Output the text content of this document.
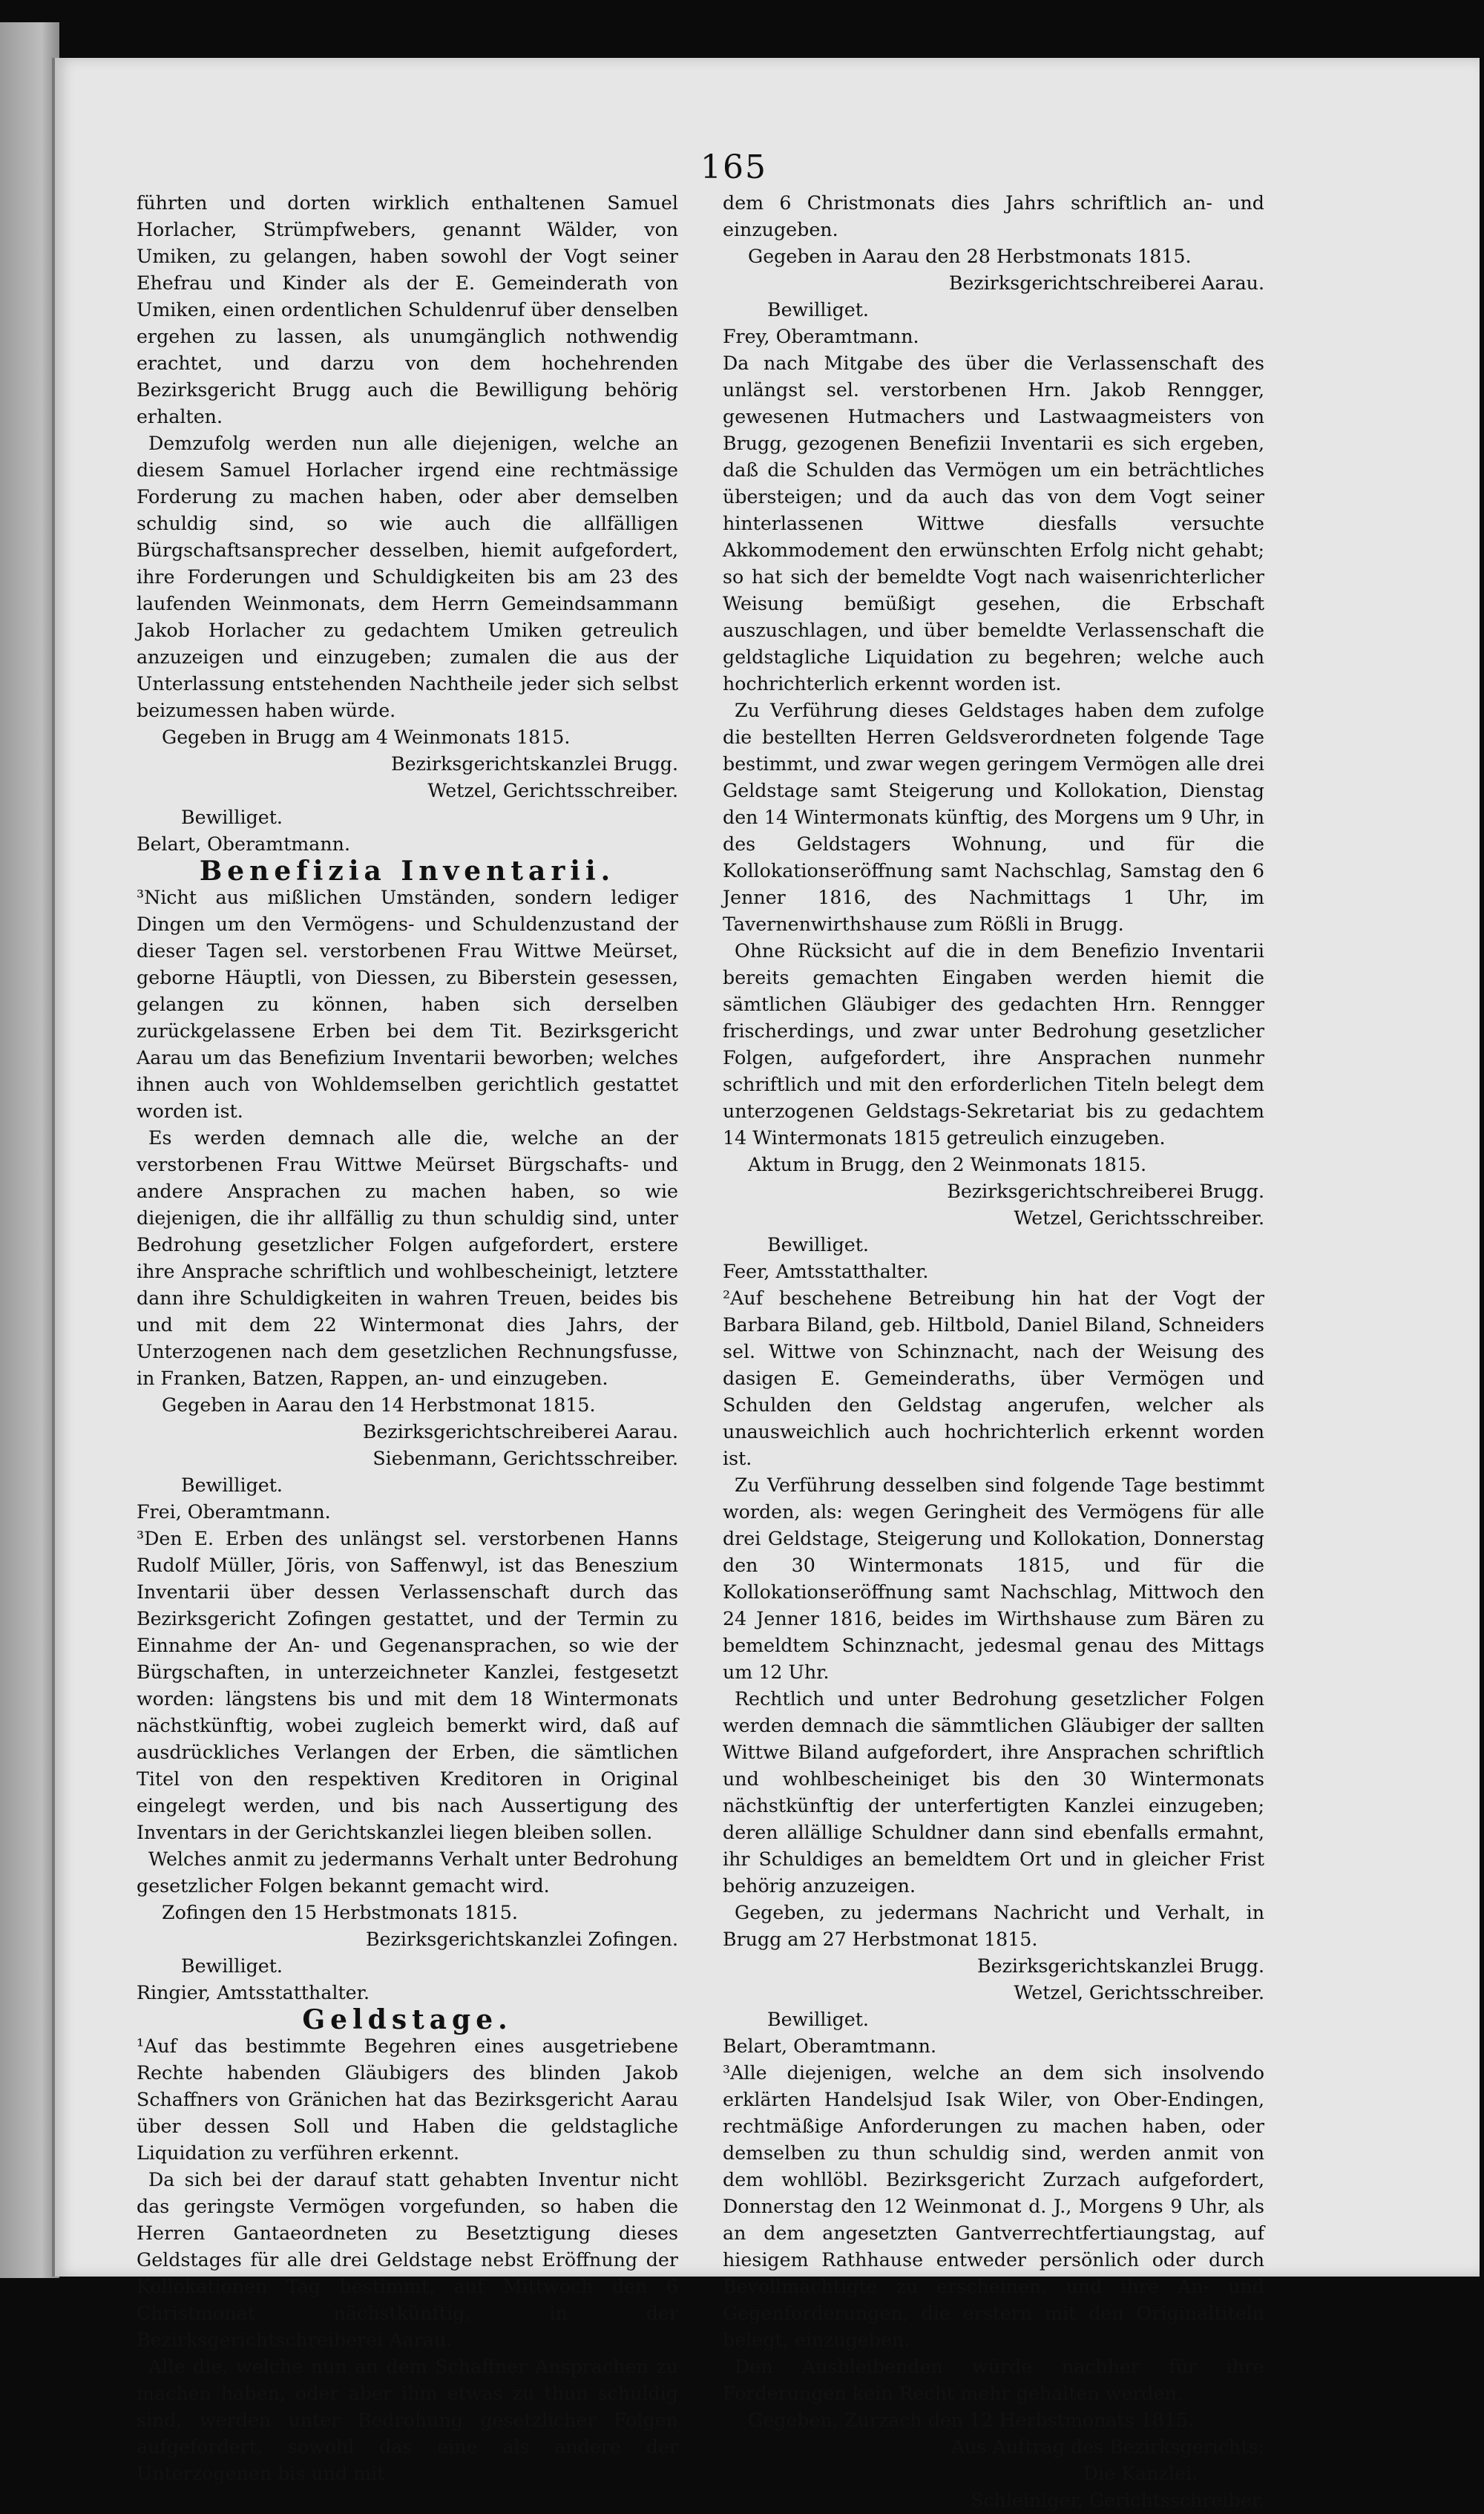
165

führten und dorten wirklich enthaltenen Samuel Horlacher, Strümpfwebers, genannt Wälder, von Umiken, zu gelangen, haben sowohl der Vogt seiner Ehefrau und Kinder als der E. Gemeinderath von Umiken, einen ordentlichen Schuldenruf über denselben ergehen zu lassen, als unumgänglich nothwendig erachtet, und darzu von dem hochehrenden Bezirksgericht Brugg auch die Bewilligung behörig erhalten.

Demzufolg werden nun alle diejenigen, welche an diesem Samuel Horlacher irgend eine rechtmässige Forderung zu machen haben, oder aber demselben schuldig sind, so wie auch die allfälligen Bürgschaftsansprecher desselben, hiemit aufgefordert, ihre Forderungen und Schuldigkeiten bis am 23 des laufenden Weinmonats, dem Herrn Gemeindsammann Jakob Horlacher zu gedachtem Umiken getreulich anzuzeigen und einzugeben; zumalen die aus der Unterlassung entstehenden Nachtheile jeder sich selbst beizumessen haben würde.

Gegeben in Brugg am 4 Weinmonats 1815.

Bezirksgerichtskanzlei Brugg.

Wetzel, Gerichtsschreiber.

Bewilliget.

Belart, Oberamtmann.

Benefizia Inventarii.

³Nicht aus mißlichen Umständen, sondern lediger Dingen um den Vermögens- und Schuldenzustand der dieser Tagen sel. verstorbenen Frau Wittwe Meürset, geborne Häuptli, von Diessen, zu Biberstein gesessen, gelangen zu können, haben sich derselben zurückgelassene Erben bei dem Tit. Bezirksgericht Aarau um das Benefizium Inventarii beworben; welches ihnen auch von Wohldemselben gerichtlich gestattet worden ist.

Es werden demnach alle die, welche an der verstorbenen Frau Wittwe Meürset Bürgschafts- und andere Ansprachen zu machen haben, so wie diejenigen, die ihr allfällig zu thun schuldig sind, unter Bedrohung gesetzlicher Folgen aufgefordert, erstere ihre Ansprache schriftlich und wohlbescheinigt, letztere dann ihre Schuldigkeiten in wahren Treuen, beides bis und mit dem 22 Wintermonat dies Jahrs, der Unterzogenen nach dem gesetzlichen Rechnungsfusse, in Franken, Batzen, Rappen, an- und einzugeben.

Gegeben in Aarau den 14 Herbstmonat 1815.

Bezirksgerichtschreiberei Aarau.

Siebenmann, Gerichtsschreiber.

Bewilliget.

Frei, Oberamtmann.

³Den E. Erben des unlängst sel. verstorbenen Hanns Rudolf Müller, Jöris, von Saffenwyl, ist das Beneszium Inventarii über dessen Verlassenschaft durch das Bezirksgericht Zofingen gestattet, und der Termin zu Einnahme der An- und Gegenansprachen, so wie der Bürgschaften, in unterzeichneter Kanzlei, festgesetzt worden: längstens bis und mit dem 18 Wintermonats nächstkünftig, wobei zugleich bemerkt wird, daß auf ausdrückliches Verlangen der Erben, die sämtlichen Titel von den respektiven Kreditoren in Original eingelegt werden, und bis nach Aussertigung des Inventars in der Gerichtskanzlei liegen bleiben sollen.

Welches anmit zu jedermanns Verhalt unter Bedrohung gesetzlicher Folgen bekannt gemacht wird.

Zofingen den 15 Herbstmonats 1815.

Bezirksgerichtskanzlei Zofingen.

Bewilliget.

Ringier, Amtsstatthalter.

Geldstage.

¹Auf das bestimmte Begehren eines ausgetriebene Rechte habenden Gläubigers des blinden Jakob Schaffners von Gränichen hat das Bezirksgericht Aarau über dessen Soll und Haben die geldstagliche Liquidation zu verführen erkennt.

Da sich bei der darauf statt gehabten Inventur nicht das geringste Vermögen vorgefunden, so haben die Herren Gantaeordneten zu Besetztigung dieses Geldstages für alle drei Geldstage nebst Eröffnung der Kollokationen Tag bestimmt, auf Mittwoch den 6 Christmonat nächstkünftig, in der Bezirksgerichtschreiberei Aarau.

Alle die, welche nun an dem Schaffner Ansprachen zu machen haben, oder aber ihm etwas zu thun schuldig sind, werden unter Bedrohung gesetzlicher Folgen aufgefordert, sowohl das eine als andere der Unterzogenen bis und mit

dem 6 Christmonats dies Jahrs schriftlich an- und einzugeben.

Gegeben in Aarau den 28 Herbstmonats 1815.

Bezirksgerichtschreiberei Aarau.

Bewilliget.

Frey, Oberamtmann.

Da nach Mitgabe des über die Verlassenschaft des unlängst sel. verstorbenen Hrn. Jakob Renngger, gewesenen Hutmachers und Lastwaagmeisters von Brugg, gezogenen Benefizii Inventarii es sich ergeben, daß die Schulden das Vermögen um ein beträchtliches übersteigen; und da auch das von dem Vogt seiner hinterlassenen Wittwe diesfalls versuchte Akkommodement den erwünschten Erfolg nicht gehabt; so hat sich der bemeldte Vogt nach waisenrichterlicher Weisung bemüßigt gesehen, die Erbschaft auszuschlagen, und über bemeldte Verlassenschaft die geldstagliche Liquidation zu begehren; welche auch hochrichterlich erkennt worden ist.

Zu Verführung dieses Geldstages haben dem zufolge die bestellten Herren Geldsverordneten folgende Tage bestimmt, und zwar wegen geringem Vermögen alle drei Geldstage samt Steigerung und Kollokation, Dienstag den 14 Wintermonats künftig, des Morgens um 9 Uhr, in des Geldstagers Wohnung, und für die Kollokationseröffnung samt Nachschlag, Samstag den 6 Jenner 1816, des Nachmittags 1 Uhr, im Tavernenwirthshause zum Rößli in Brugg.

Ohne Rücksicht auf die in dem Benefizio Inventarii bereits gemachten Eingaben werden hiemit die sämtlichen Gläubiger des gedachten Hrn. Renngger frischerdings, und zwar unter Bedrohung gesetzlicher Folgen, aufgefordert, ihre Ansprachen nunmehr schriftlich und mit den erforderlichen Titeln belegt dem unterzogenen Geldstags-Sekretariat bis zu gedachtem 14 Wintermonats 1815 getreulich einzugeben.

Aktum in Brugg, den 2 Weinmonats 1815.

Bezirksgerichtschreiberei Brugg.

Wetzel, Gerichtsschreiber.

Bewilliget.

Feer, Amtsstatthalter.

²Auf beschehene Betreibung hin hat der Vogt der Barbara Biland, geb. Hiltbold, Daniel Biland, Schneiders sel. Wittwe von Schinznacht, nach der Weisung des dasigen E. Gemeinderaths, über Vermögen und Schulden den Geldstag angerufen, welcher als unausweichlich auch hochrichterlich erkennt worden ist.

Zu Verführung desselben sind folgende Tage bestimmt worden, als: wegen Geringheit des Vermögens für alle drei Geldstage, Steigerung und Kollokation, Donnerstag den 30 Wintermonats 1815, und für die Kollokationseröffnung samt Nachschlag, Mittwoch den 24 Jenner 1816, beides im Wirthshause zum Bären zu bemeldtem Schinznacht, jedesmal genau des Mittags um 12 Uhr.

Rechtlich und unter Bedrohung gesetzlicher Folgen werden demnach die sämmtlichen Gläubiger der sallten Wittwe Biland aufgefordert, ihre Ansprachen schriftlich und wohlbescheiniget bis den 30 Wintermonats nächstkünftig der unterfertigten Kanzlei einzugeben; deren allällige Schuldner dann sind ebenfalls ermahnt, ihr Schuldiges an bemeldtem Ort und in gleicher Frist behörig anzuzeigen.

Gegeben, zu jedermans Nachricht und Verhalt, in Brugg am 27 Herbstmonat 1815.

Bezirksgerichtskanzlei Brugg.

Wetzel, Gerichtsschreiber.

Bewilliget.

Belart, Oberamtmann.

³Alle diejenigen, welche an dem sich insolvendo erklärten Handelsjud Isak Wiler, von Ober-Endingen, rechtmäßige Anforderungen zu machen haben, oder demselben zu thun schuldig sind, werden anmit von dem wohllöbl. Bezirksgericht Zurzach aufgefordert, Donnerstag den 12 Weinmonat d. J., Morgens 9 Uhr, als an dem angesetzten Gantverrechtfertiaungstag, auf hiesigem Rathhause entweder persönlich oder durch Bevollmächtigte zu erscheinen, und ihre An- und Gegenforderungen, die erstern mit den Originaltiteln belegt, einzugeben.

Den Ausbleibenden würde nachher für ihre Forderungen kein Recht mehr gehalten werden.

Gegeben, Zurzach den 12 Herbstmonats 1815.

Aus Auftrag des Bezirksgerichts:

Die Kanzlei.

Schleiniger, Gerichtsschreiber.
